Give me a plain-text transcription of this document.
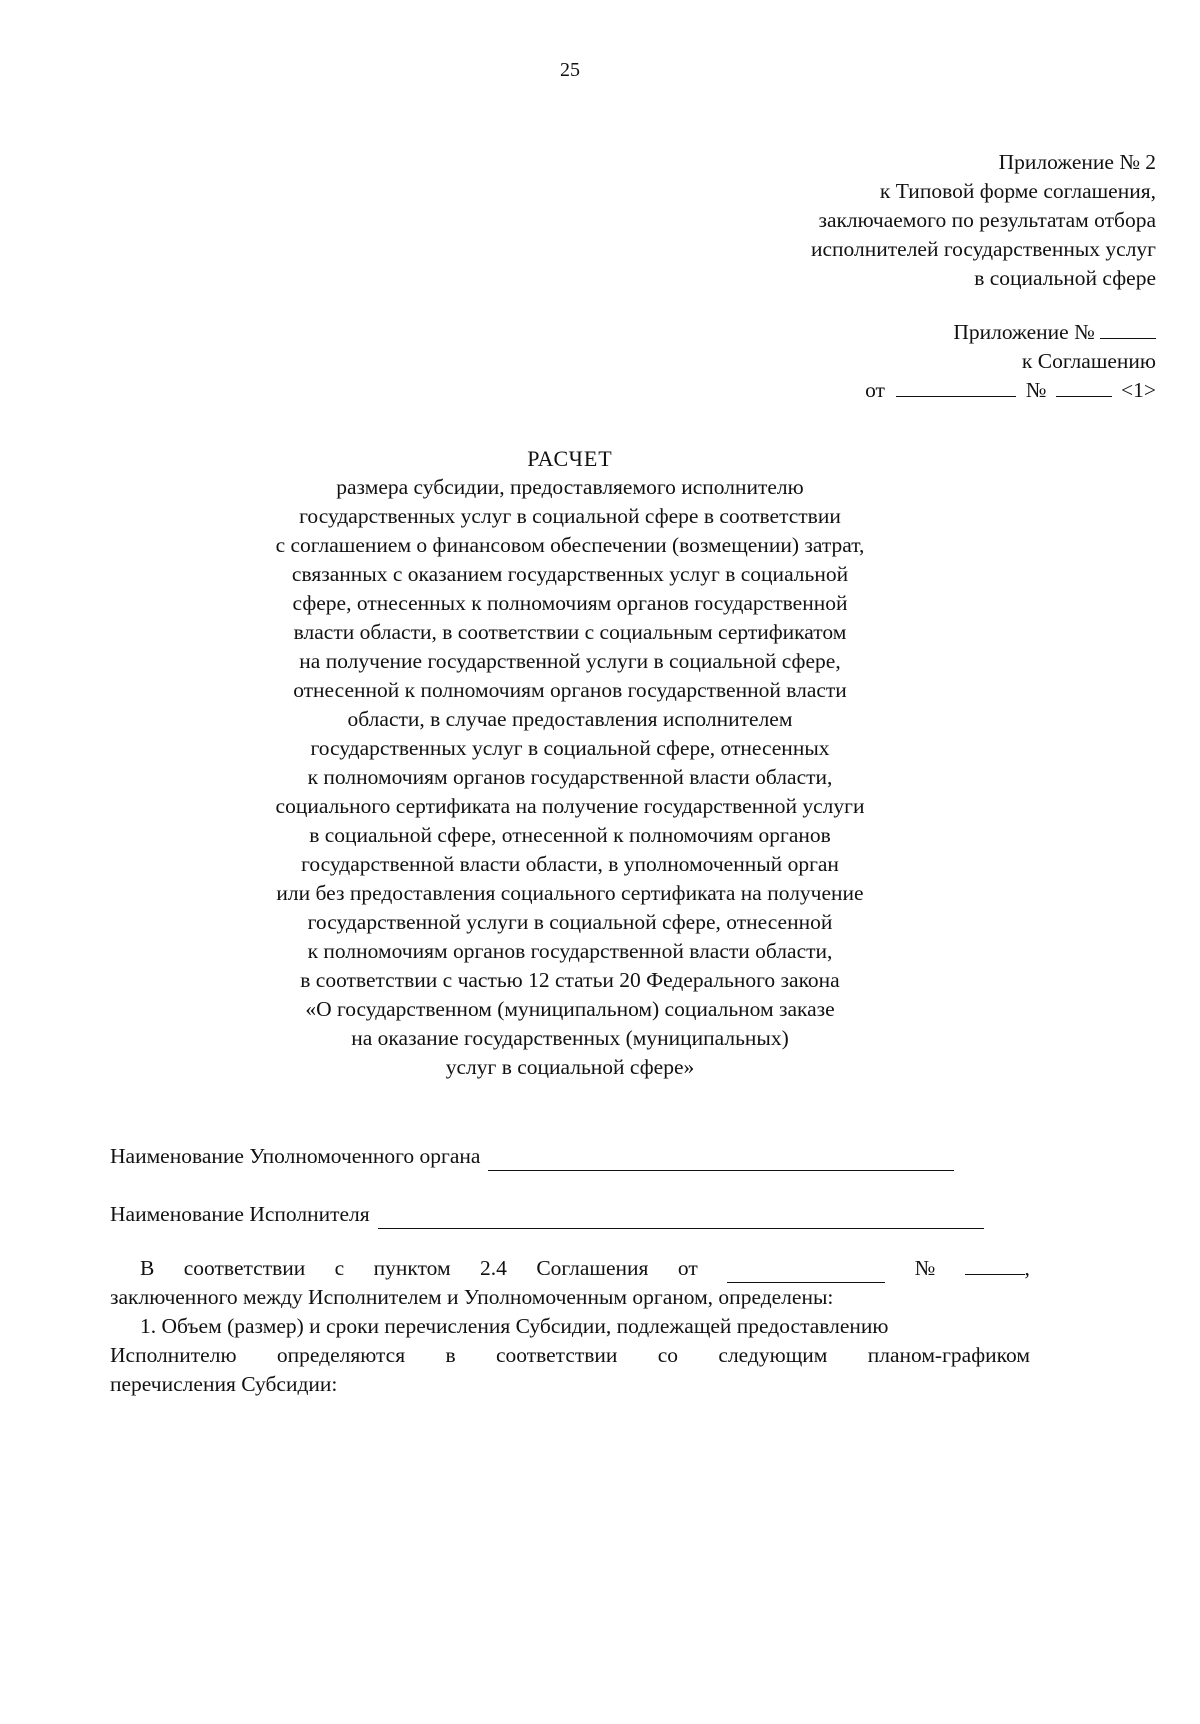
25
Приложение № 2
к Типовой форме соглашения,
заключаемого по результатам отбора
исполнителей государственных услуг
в социальной сфере
Приложение №
к Соглашению
от	№	<1>
РАСЧЕТ
размера субсидии, предоставляемого исполнителю
государственных услуг в социальной сфере в соответствии
с соглашением о финансовом обеспечении (возмещении) затрат,
связанных с оказанием государственных услуг в социальной
сфере, отнесенных к полномочиям органов государственной
власти области, в соответствии с социальным сертификатом
на получение государственной услуги в социальной сфере,
отнесенной к полномочиям органов государственной власти
области, в случае предоставления исполнителем
государственных услуг в социальной сфере, отнесенных
к полномочиям органов государственной власти области,
социального сертификата на получение государственной услуги
в социальной сфере, отнесенной к полномочиям органов
государственной власти области, в уполномоченный орган
или без предоставления социального сертификата на получение
государственной услуги в социальной сфере, отнесенной
к полномочиям органов государственной власти области,
в соответствии с частью 12 статьи 20 Федерального закона
«О государственном (муниципальном) социальном заказе
на оказание государственных (муниципальных)
услуг в социальной сфере»
Наименование Уполномоченного органа
Наименование Исполнителя
В соответствии с пунктом 2.4 Соглашения от	№	,
заключенного между Исполнителем и Уполномоченным органом, определены:
1. Объем (размер) и сроки перечисления Субсидии, подлежащей предоставлению
Исполнителю определяются в соответствии со следующим планом-графиком
перечисления Субсидии:
